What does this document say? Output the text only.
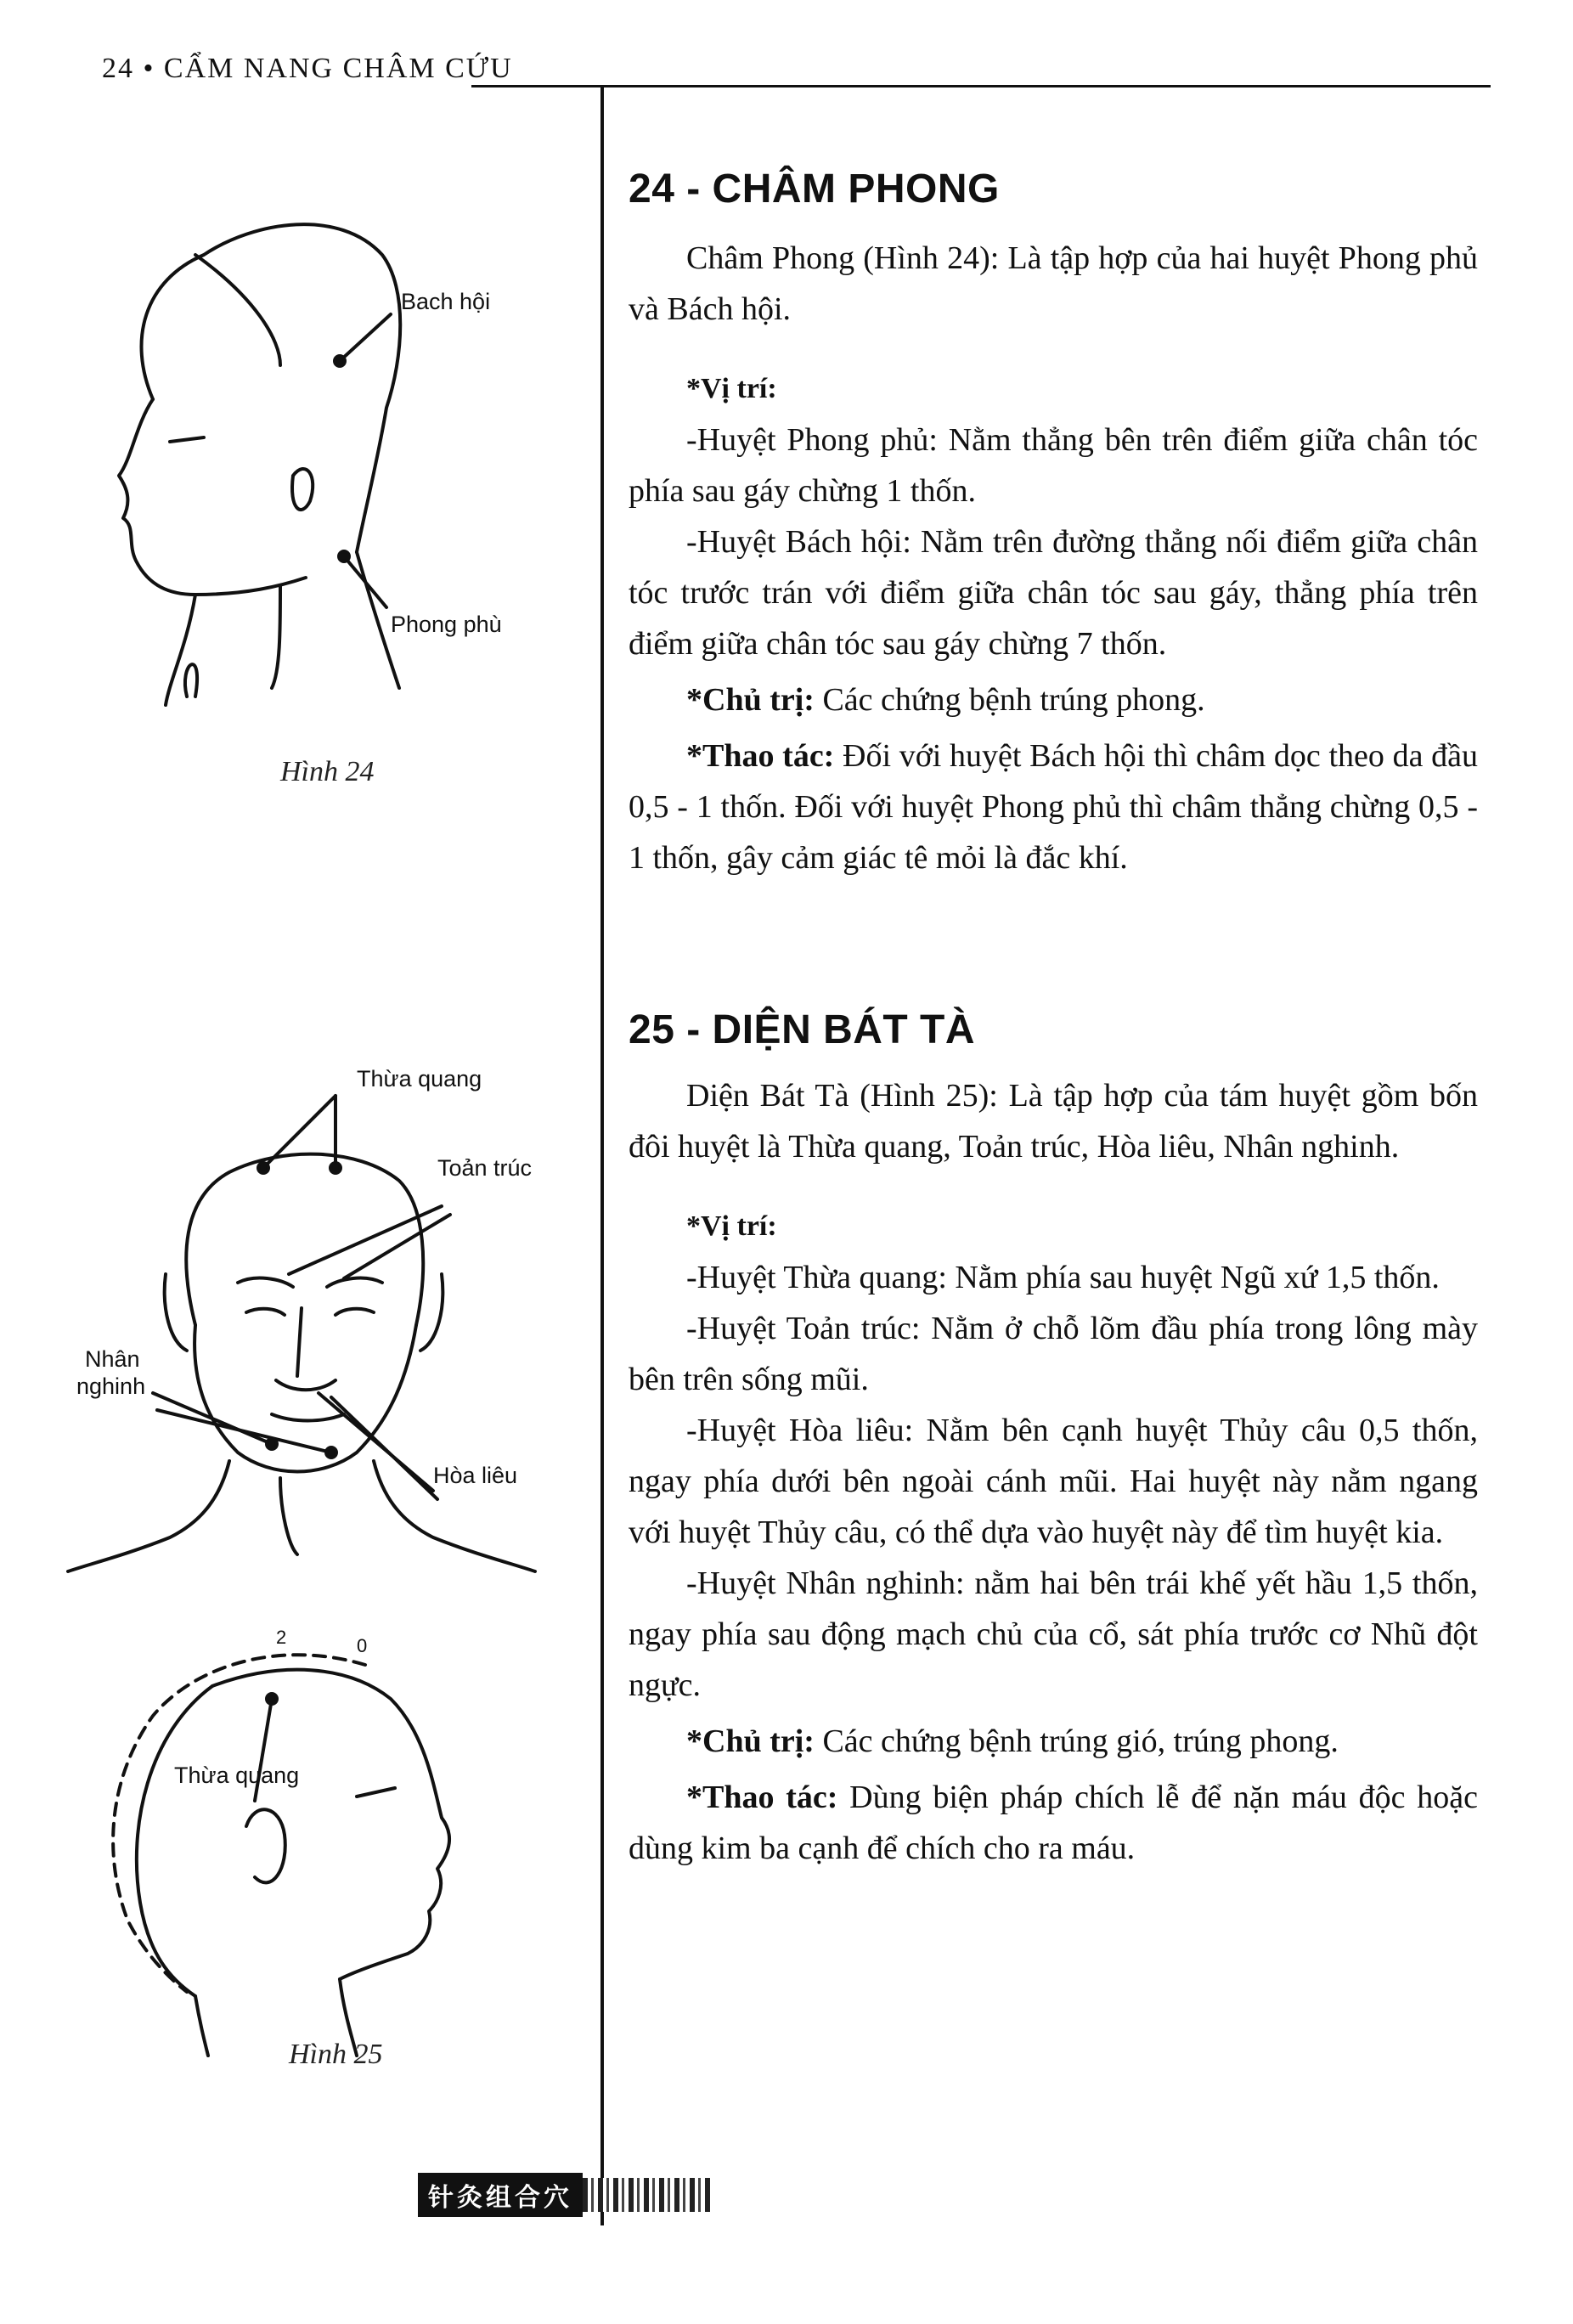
24 • CẨM NANG CHÂM CỨU
Bach hội
Phong phù
Hình 24
Thừa quang
Toản trúc
Nhân
nghinh
Hòa liêu
2	0
Thừa quang
Hình 25
24 - CHÂM PHONG

Châm Phong (Hình 24): Là tập hợp của hai huyệt Phong phủ và Bách hội.

*Vị trí:

-Huyệt Phong phủ: Nằm thẳng bên trên điểm giữa chân tóc phía sau gáy chừng 1 thốn.

-Huyệt Bách hội: Nằm trên đường thẳng nối điểm giữa chân tóc trước trán với điểm giữa chân tóc sau gáy, thẳng phía trên điểm giữa chân tóc sau gáy chừng 7 thốn.

*Chủ trị: Các chứng bệnh trúng phong.

*Thao tác: Đối với huyệt Bách hội thì châm dọc theo da đầu 0,5 - 1 thốn. Đối với huyệt Phong phủ thì châm thẳng chừng 0,5 - 1 thốn, gây cảm giác tê mỏi là đắc khí.

25 - DIỆN BÁT TÀ

Diện Bát Tà (Hình 25): Là tập hợp của tám huyệt gồm bốn đôi huyệt là Thừa quang, Toản trúc, Hòa liêu, Nhân nghinh.

*Vị trí:

-Huyệt Thừa quang: Nằm phía sau huyệt Ngũ xứ 1,5 thốn.

-Huyệt Toản trúc: Nằm ở chỗ lõm đầu phía trong lông mày bên trên sống mũi.

-Huyệt Hòa liêu: Nằm bên cạnh huyệt Thủy câu 0,5 thốn, ngay phía dưới bên ngoài cánh mũi. Hai huyệt này nằm ngang với huyệt Thủy câu, có thể dựa vào huyệt này để tìm huyệt kia.

-Huyệt Nhân nghinh: nằm hai bên trái khế yết hầu 1,5 thốn, ngay phía sau động mạch chủ của cổ, sát phía trước cơ Nhũ đột ngực.

*Chủ trị: Các chứng bệnh trúng gió, trúng phong.

*Thao tác: Dùng biện pháp chích lễ để nặn máu độc hoặc dùng kim ba cạnh để chích cho ra máu.

针灸组合穴
